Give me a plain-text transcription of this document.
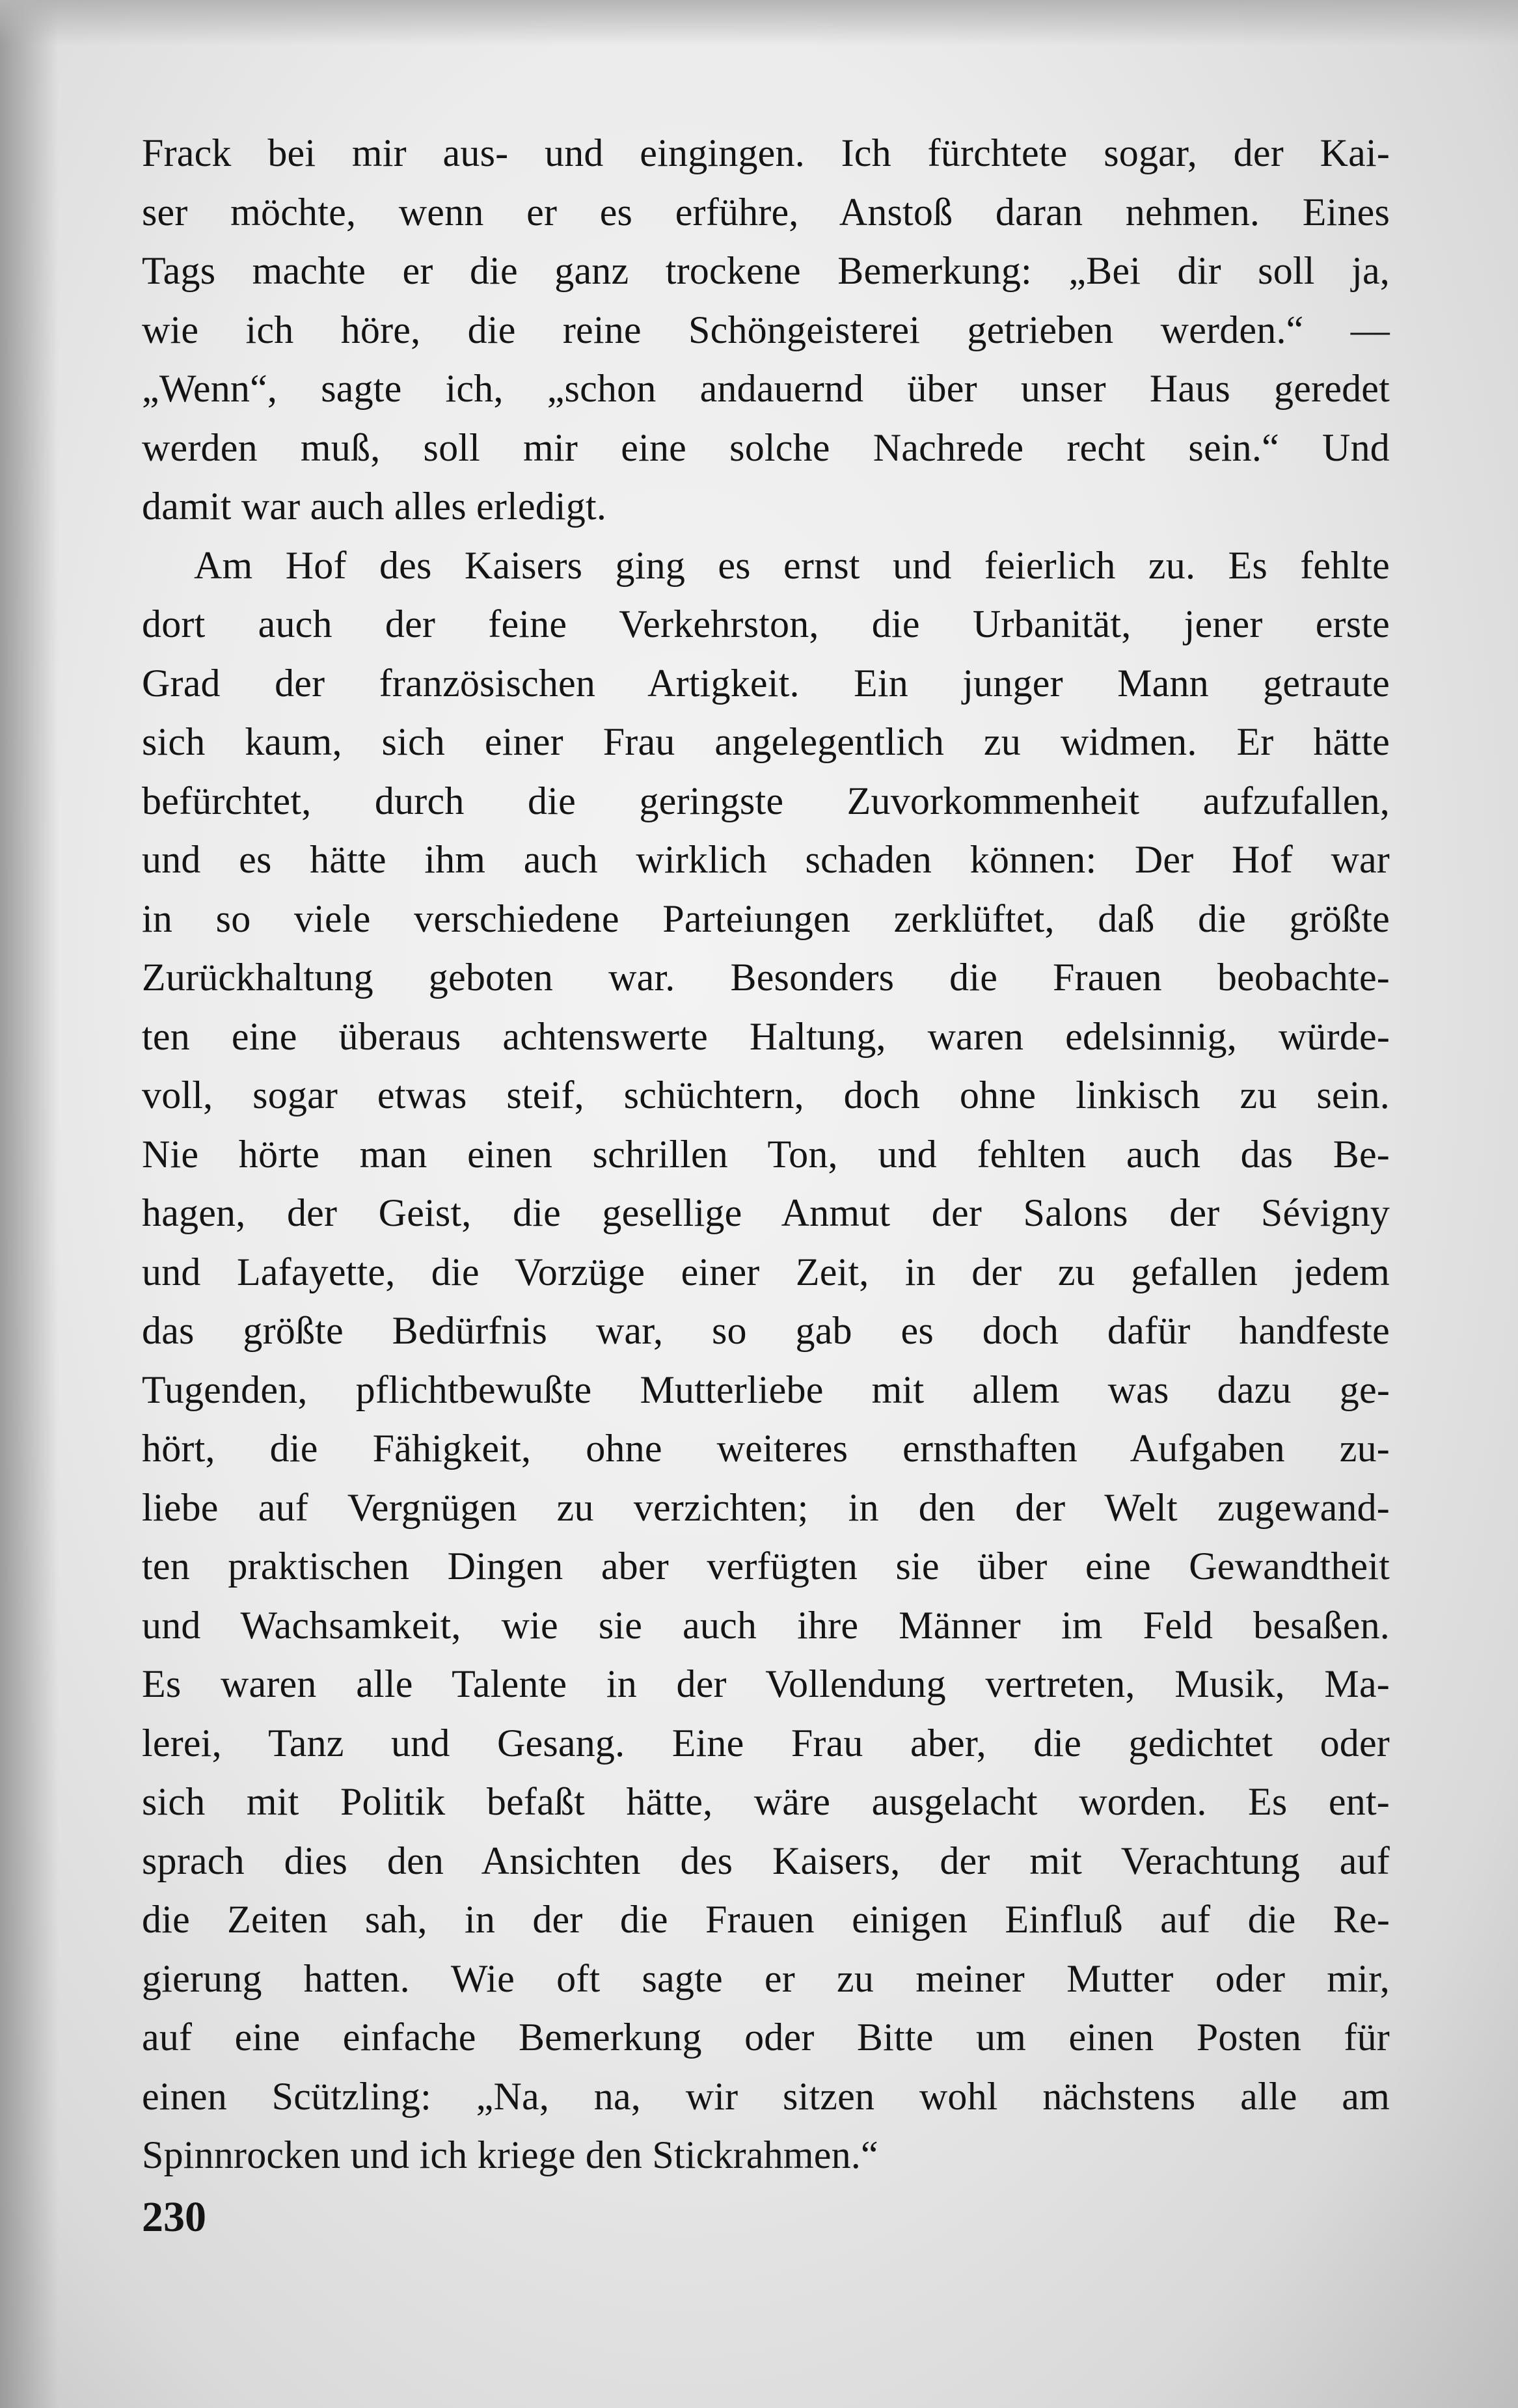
Frack bei mir aus- und eingingen. Ich fürchtete sogar, der Kai-
ser möchte, wenn er es erführe, Anstoß daran nehmen. Eines
Tags machte er die ganz trockene Bemerkung: „Bei dir soll ja,
wie ich höre, die reine Schöngeisterei getrieben werden.“ —
„Wenn“, sagte ich, „schon andauernd über unser Haus geredet
werden muß, soll mir eine solche Nachrede recht sein.“ Und
damit war auch alles erledigt.
Am Hof des Kaisers ging es ernst und feierlich zu. Es fehlte
dort auch der feine Verkehrston, die Urbanität, jener erste
Grad der französischen Artigkeit. Ein junger Mann getraute
sich kaum, sich einer Frau angelegentlich zu widmen. Er hätte
befürchtet, durch die geringste Zuvorkommenheit aufzufallen,
und es hätte ihm auch wirklich schaden können: Der Hof war
in so viele verschiedene Parteiungen zerklüftet, daß die größte
Zurückhaltung geboten war. Besonders die Frauen beobachte-
ten eine überaus achtenswerte Haltung, waren edelsinnig, würde-
voll, sogar etwas steif, schüchtern, doch ohne linkisch zu sein.
Nie hörte man einen schrillen Ton, und fehlten auch das Be-
hagen, der Geist, die gesellige Anmut der Salons der Sévigny
und Lafayette, die Vorzüge einer Zeit, in der zu gefallen jedem
das größte Bedürfnis war, so gab es doch dafür handfeste
Tugenden, pflichtbewußte Mutterliebe mit allem was dazu ge-
hört, die Fähigkeit, ohne weiteres ernsthaften Aufgaben zu-
liebe auf Vergnügen zu verzichten; in den der Welt zugewand-
ten praktischen Dingen aber verfügten sie über eine Gewandtheit
und Wachsamkeit, wie sie auch ihre Männer im Feld besaßen.
Es waren alle Talente in der Vollendung vertreten, Musik, Ma-
lerei, Tanz und Gesang. Eine Frau aber, die gedichtet oder
sich mit Politik befaßt hätte, wäre ausgelacht worden. Es ent-
sprach dies den Ansichten des Kaisers, der mit Verachtung auf
die Zeiten sah, in der die Frauen einigen Einfluß auf die Re-
gierung hatten. Wie oft sagte er zu meiner Mutter oder mir,
auf eine einfache Bemerkung oder Bitte um einen Posten für
einen Scützling: „Na, na, wir sitzen wohl nächstens alle am
Spinnrocken und ich kriege den Stickrahmen.“
230
